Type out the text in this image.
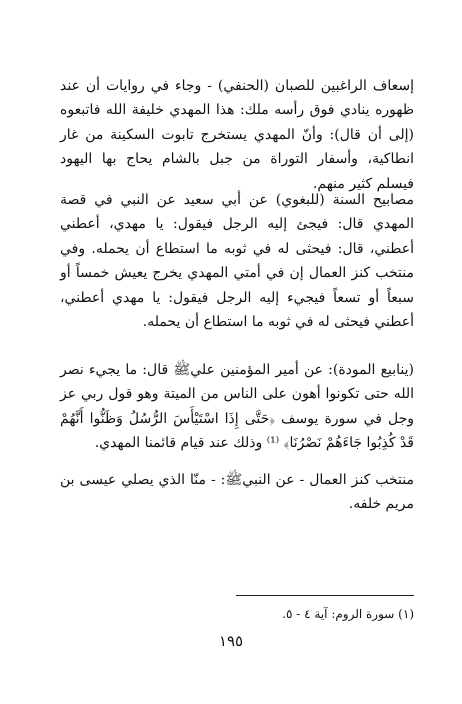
إسعاف الراغبين للصبان (الحنفي) - وجاء في روايات أن عند ظهوره ينادي فوق رأسه ملك: هذا المهدي خليفة الله فاتبعوه (إلى أن قال): وأنّ المهدي يستخرج تابوت السكينة من غار انطاكية، وأسفار التوراة من جبل بالشام يحاج بها اليهود فيسلم كثير منهم.

مصابيح السنة (للبغوي) عن أبي سعيد عن النبي في قصة المهدي قال: فيجئ إليه الرجل فيقول: يا مهدي، أعطني أعطني، قال: فيحثى له في ثوبه ما استطاع أن يحمله. وفي منتخب كنز العمال إن في أمتي المهدي يخرج يعيش خمساً أو سبعاً أو تسعاً فيجيء إليه الرجل فيقول: يا مهدي أعطني، أعطني فيحثى له في ثوبه ما استطاع أن يحمله.

(ينابيع المودة): عن أمير المؤمنين عليﷺ قال: ما يجيء نصر الله حتى تكونوا أهون على الناس من الميتة وهو قول ربي عز وجل في سورة يوسف ﴿حَتَّى إِذَا اسْتَيْأَسَ الرُّسُلُ وَظَنُّوا أَنَّهُمْ قَدْ كُذِبُوا جَاءَهُمْ نَصْرُنَا﴾ ⁽¹⁾ وذلك عند قيام قائمنا المهدي.

منتخب كنز العمال - عن النبيﷺ: - منّا الذي يصلي عيسى بن مريم خلفه.

(١) سورة الروم: آية ٤ - ٥.
١٩٥
